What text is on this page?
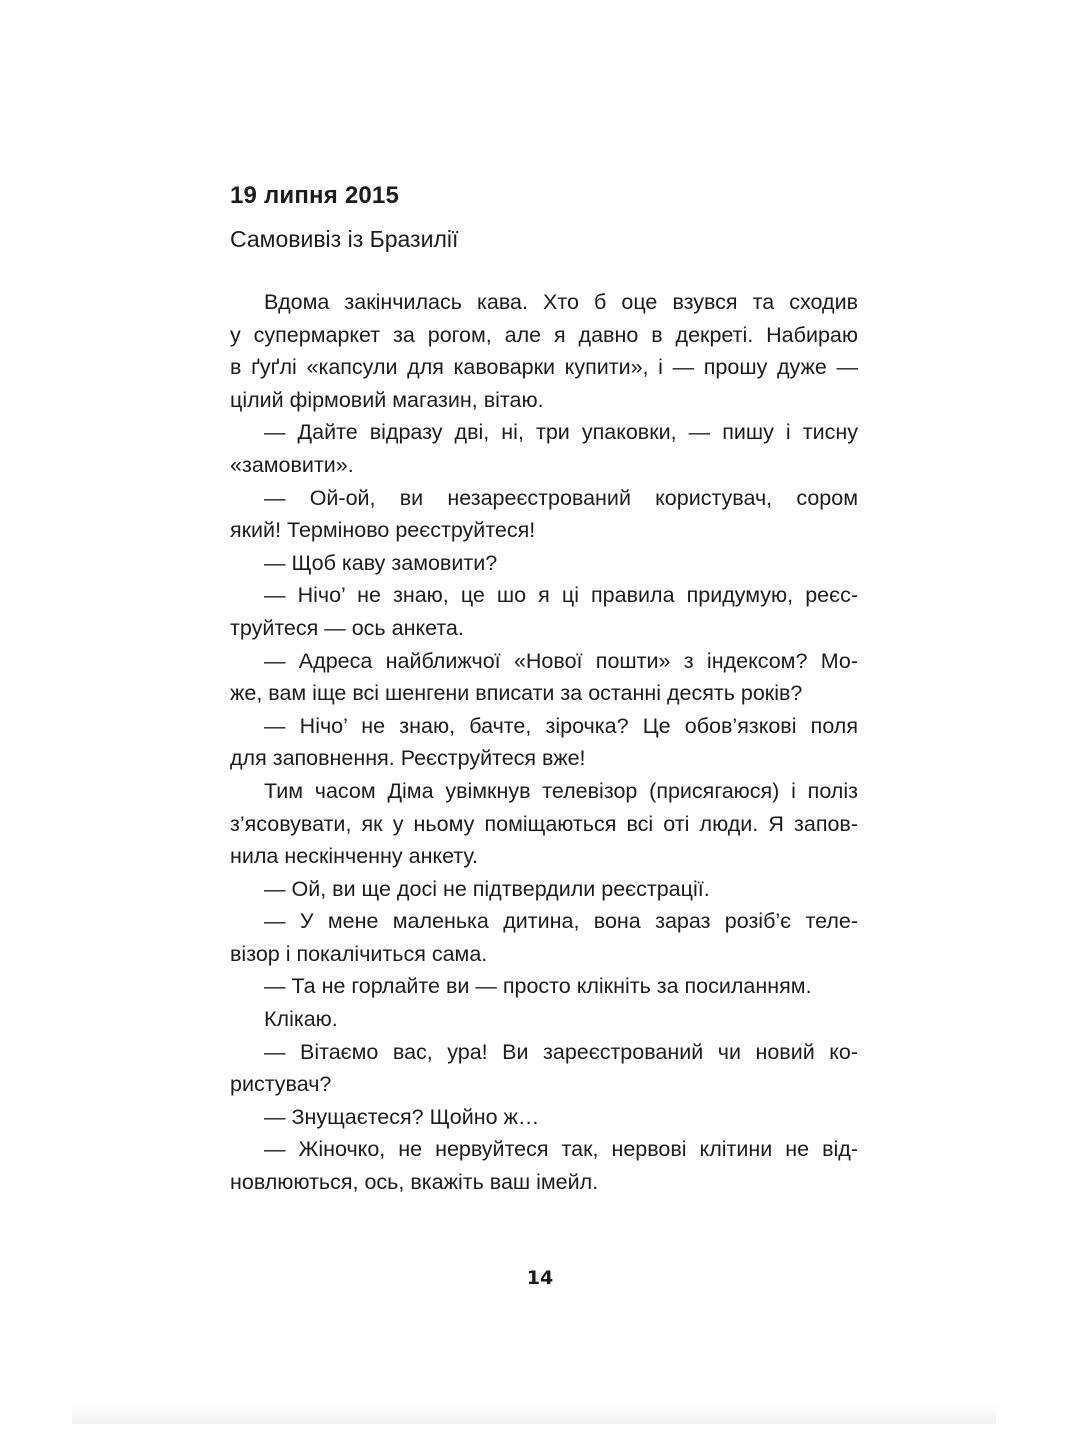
19 липня 2015
Самовивіз із Бразилії
Вдома закінчилась кава. Хто б оце взувся та сходив
у супермаркет за рогом, але я давно в декреті. Набираю
в ґуґлі «капсули для кавоварки купити», і — прошу дуже —
цілий фірмовий магазин, вітаю.
— Дайте відразу дві, ні, три упаковки, — пишу і тисну
«замовити».
— Ой-ой, ви незареєстрований користувач, сором
який! Терміново реєструйтеся!
— Щоб каву замовити?
— Нічо’ не знаю, це шо я ці правила придумую, реєс-
труйтеся — ось анкета.
— Адреса найближчої «Нової пошти» з індексом? Мо-
же, вам іще всі шенгени вписати за останні десять років?
— Нічо’ не знаю, бачте, зірочка? Це обов’язкові поля
для заповнення. Реєструйтеся вже!
Тим часом Діма увімкнув телевізор (присягаюся) і поліз
з’ясовувати, як у ньому поміщаються всі оті люди. Я запов-
нила нескінченну анкету.
— Ой, ви ще досі не підтвердили реєстрації.
— У мене маленька дитина, вона зараз розіб’є теле-
візор і покалічиться сама.
— Та не горлайте ви — просто клікніть за посиланням.
Клікаю.
— Вітаємо вас, ура! Ви зареєстрований чи новий ко-
ристувач?
— Знущаєтеся? Щойно ж…
— Жіночко, не нервуйтеся так, нервові клітини не від-
новлюються, ось, вкажіть ваш імейл.

14
